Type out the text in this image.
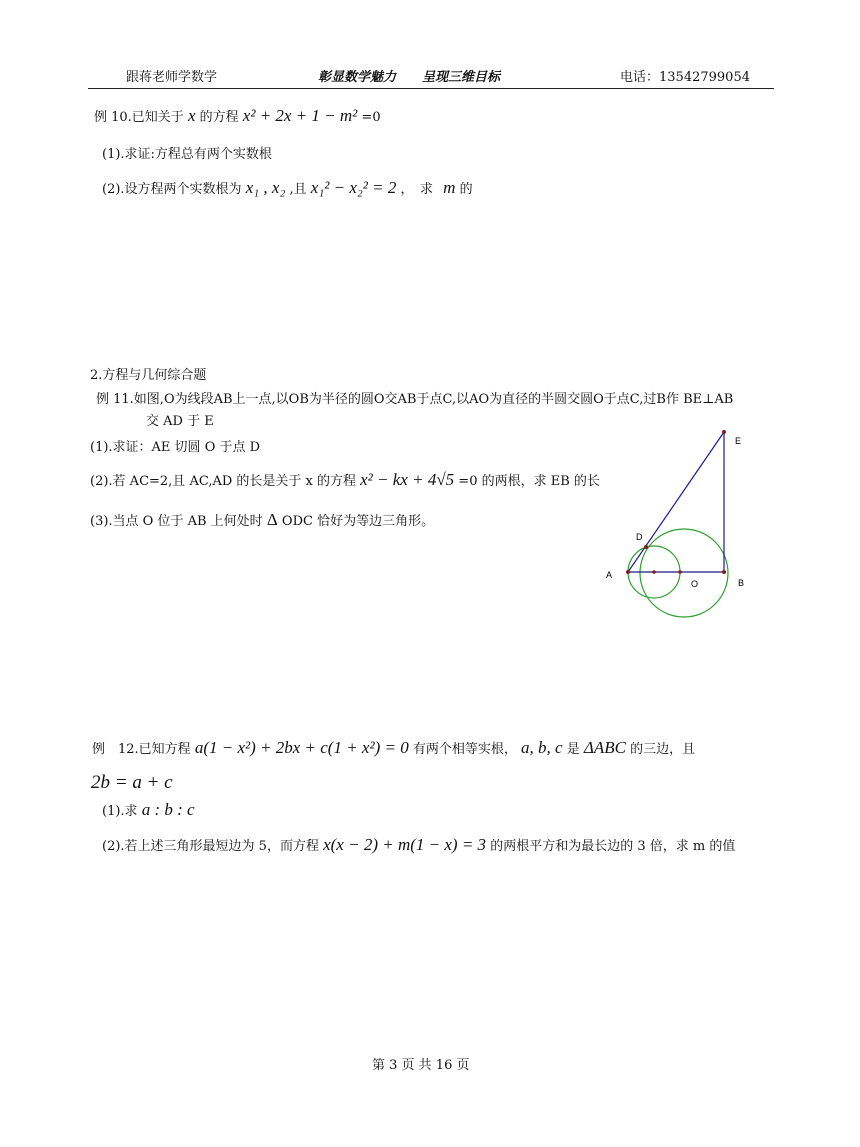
跟蒋老师学数学	彰显数学魅力　　呈现三维目标	电话：13542799054
例 10.已知关于 x 的方程 x² + 2x + 1 − m² =0
(1).求证:方程总有两个实数根
(2).设方程两个实数根为 x₁ , x₂ ,且 x₁² − x₂² = 2 ，　求 m 的
2.方程与几何综合题
例 11.如图,O为线段AB上一点,以OB为半径的圆O交AB于点C,以AO为直径的半圆交圆O于点C,过B作 BE⊥AB
交 AD 于 E
(1).求证：AE 切圆 O 于点 D
(2).若 AC=2,且 AC,AD 的长是关于 x 的方程 x² − kx + 4√5 =0 的两根，求 EB 的长
(3).当点 O 位于 AB 上何处时 Δ ODC 恰好为等边三角形。
E
D
A
O	B
例　12.已知方程 a(1 − x²) + 2bx + c(1 + x²) = 0 有两个相等实根， a, b, c 是 ΔABC 的三边，且
2b = a + c
(1).求 a : b : c
(2).若上述三角形最短边为 5，而方程 x(x − 2) + m(1 − x) = 3 的两根平方和为最长边的 3 倍，求 m 的值
第 3 页 共 16 页
